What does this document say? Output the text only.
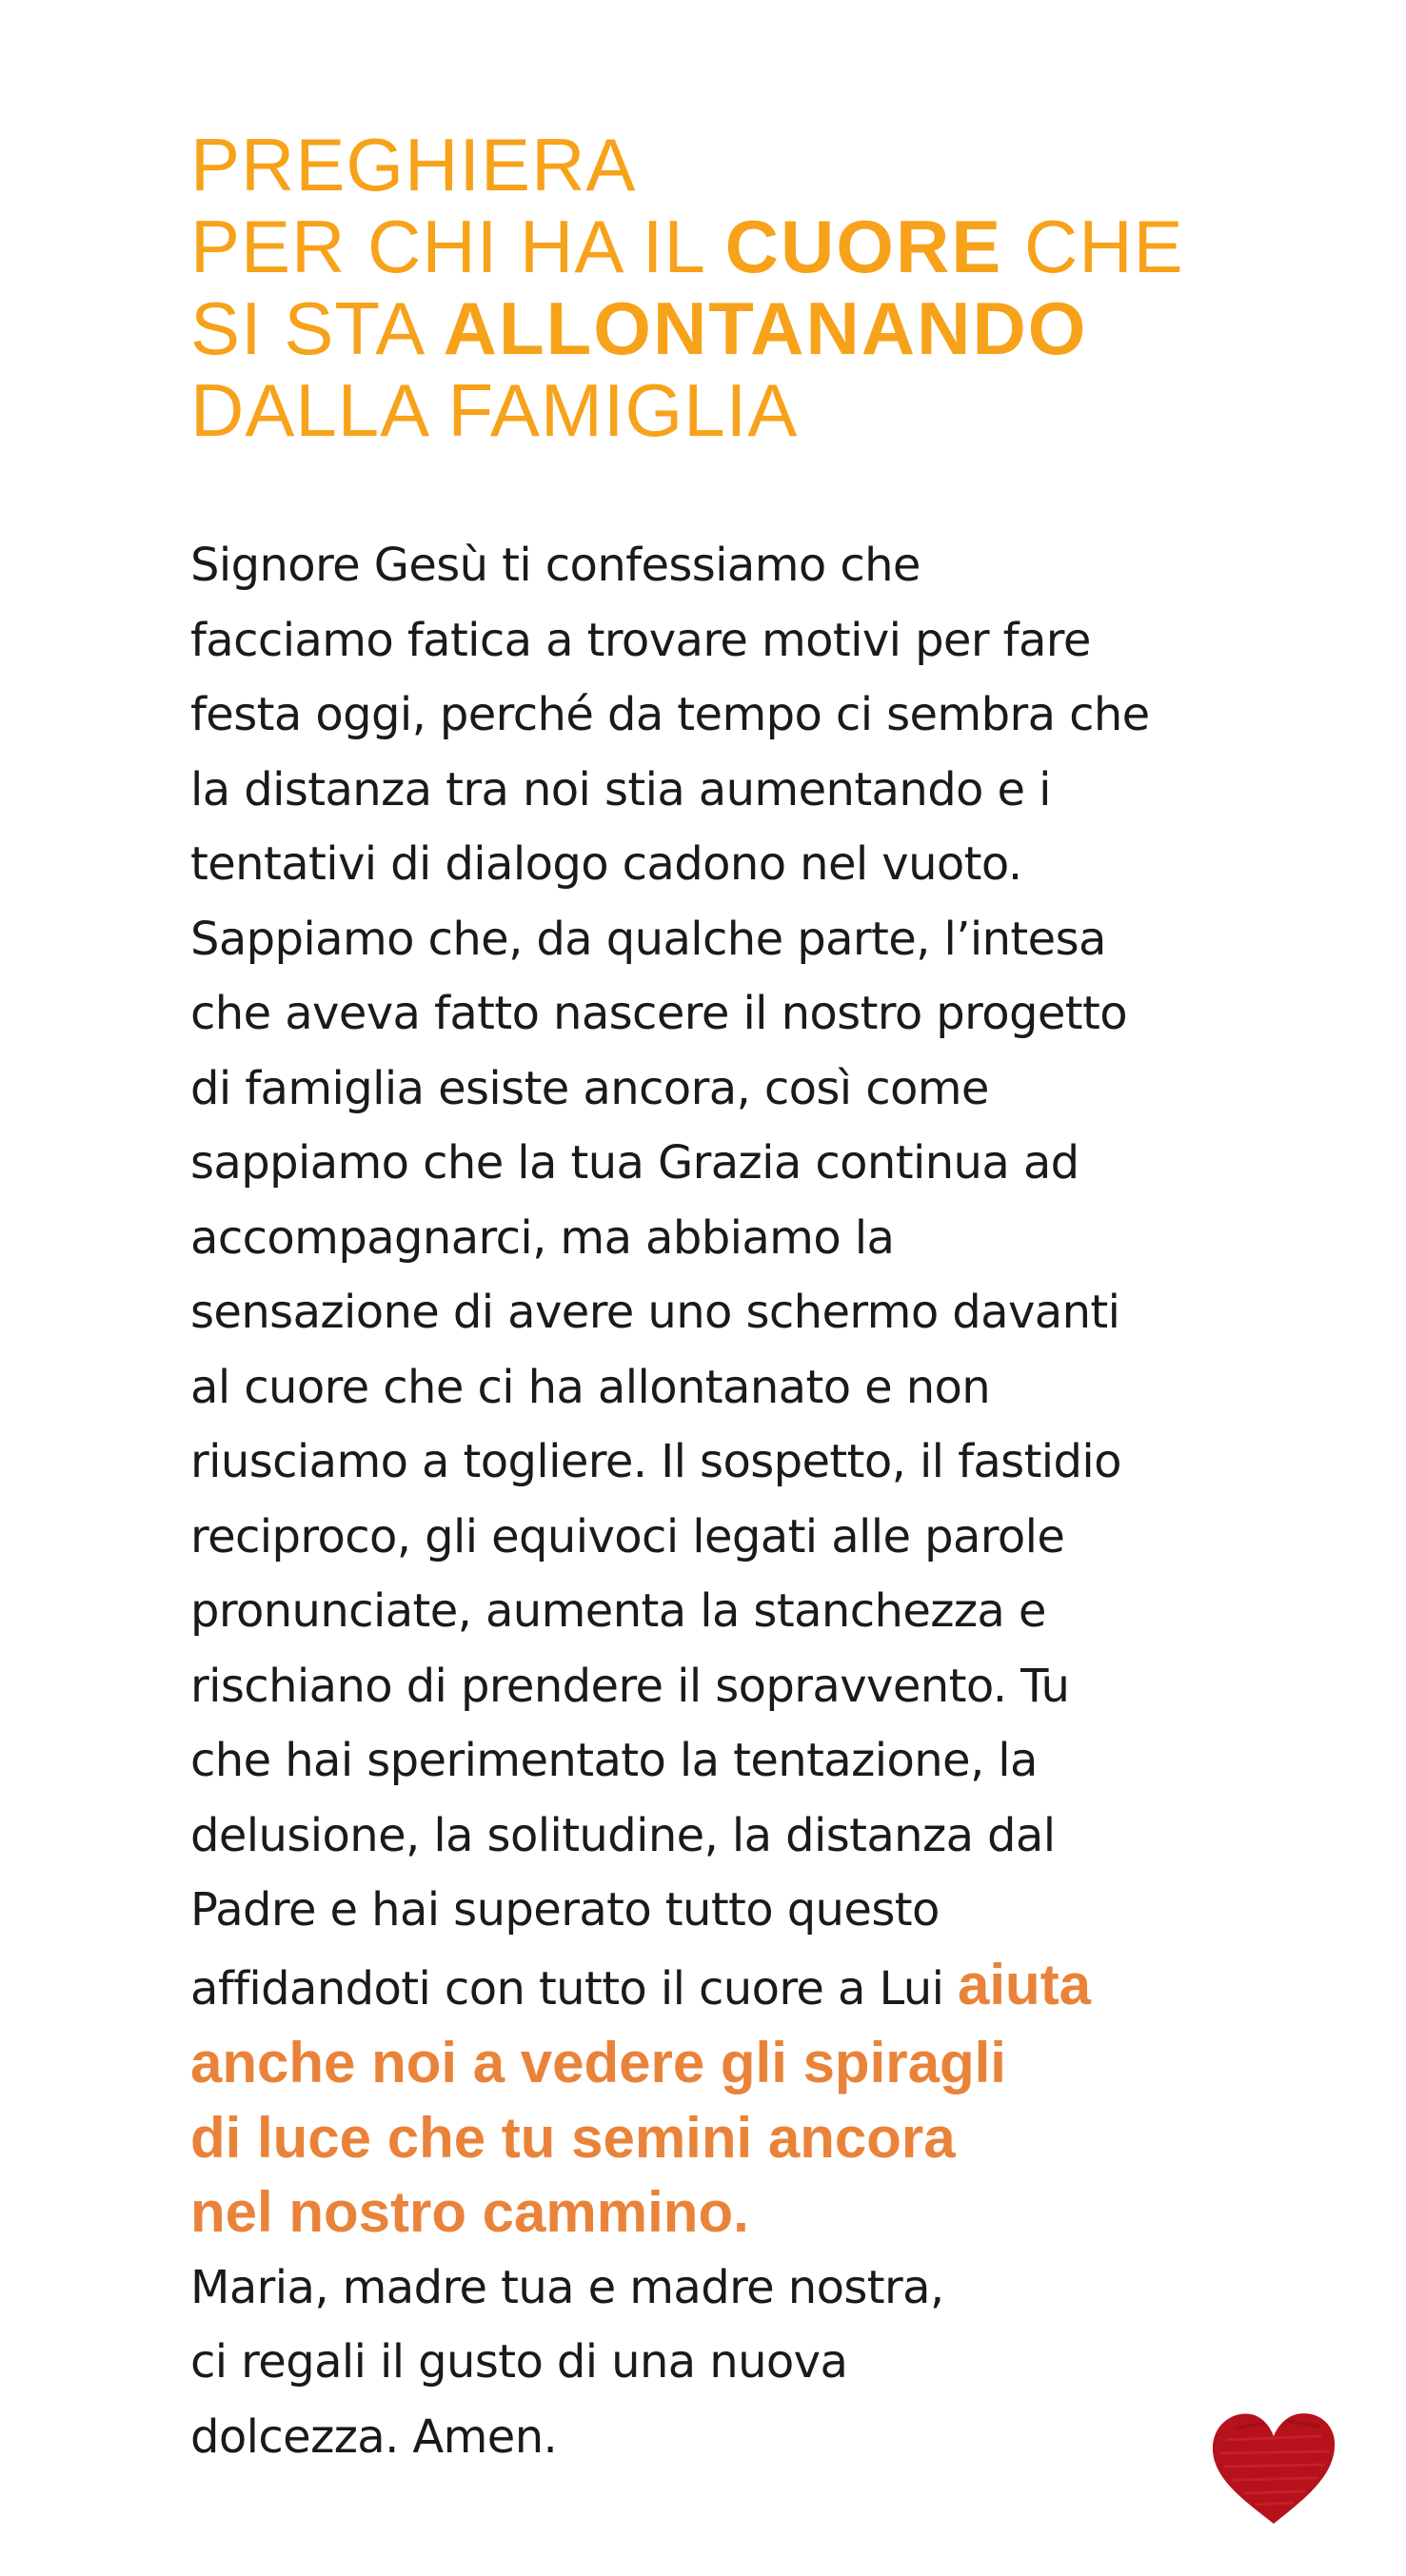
PREGHIERA
PER CHI HA IL CUORE CHE
SI STA ALLONTANANDO
DALLA FAMIGLIA
Signore Gesù ti confessiamo che
facciamo fatica a trovare motivi per fare
festa oggi, perché da tempo ci sembra che
la distanza tra noi stia aumentando e i
tentativi di dialogo cadono nel vuoto.
Sappiamo che, da qualche parte, l’intesa
che aveva fatto nascere il nostro progetto
di famiglia esiste ancora, così come
sappiamo che la tua Grazia continua ad
accompagnarci, ma abbiamo la
sensazione di avere uno schermo davanti
al cuore che ci ha allontanato e non
riusciamo a togliere. Il sospetto, il fastidio
reciproco, gli equivoci legati alle parole
pronunciate, aumenta la stanchezza e
rischiano di prendere il sopravvento. Tu
che hai sperimentato la tentazione, la
delusione, la solitudine, la distanza dal
Padre e hai superato tutto questo
affidandoti con tutto il cuore a Lui aiuta
anche noi a vedere gli spiragli
di luce che tu semini ancora
nel nostro cammino.
Maria, madre tua e madre nostra,
ci regali il gusto di una nuova
dolcezza. Amen.
